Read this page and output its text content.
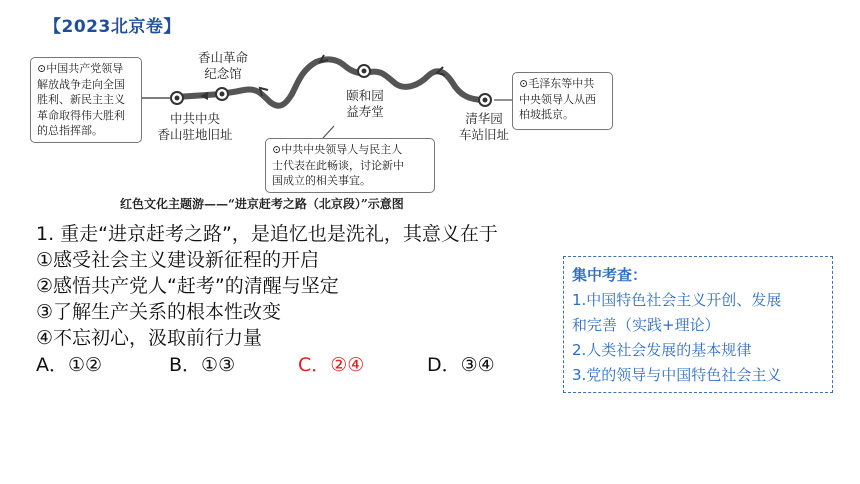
【2023北京卷】
⊙中国共产党领导
解放战争走向全国
胜利、新民主主义
革命取得伟大胜利
的总指挥部。
⊙中共中央领导人与民主人
士代表在此畅谈，讨论新中
国成立的相关事宜。
⊙毛泽东等中共
中央领导人从西
柏坡抵京。
香山革命
纪念馆
中共中央
香山驻地旧址
颐和园
益寿堂	清华园
车站旧址
红色文化主题游——“进京赶考之路（北京段）”示意图
1. 重走“进京赶考之路”，是追忆也是洗礼，其意义在于
①感受社会主义建设新征程的开启
②感悟共产党人“赶考”的清醒与坚定
③了解生产关系的根本性改变
④不忘初心，汲取前行力量
A．①②	B．①③	C．②④	D．③④
集中考查：
1.中国特色社会主义开创、发展
和完善（实践+理论）
2.人类社会发展的基本规律
3.党的领导与中国特色社会主义
